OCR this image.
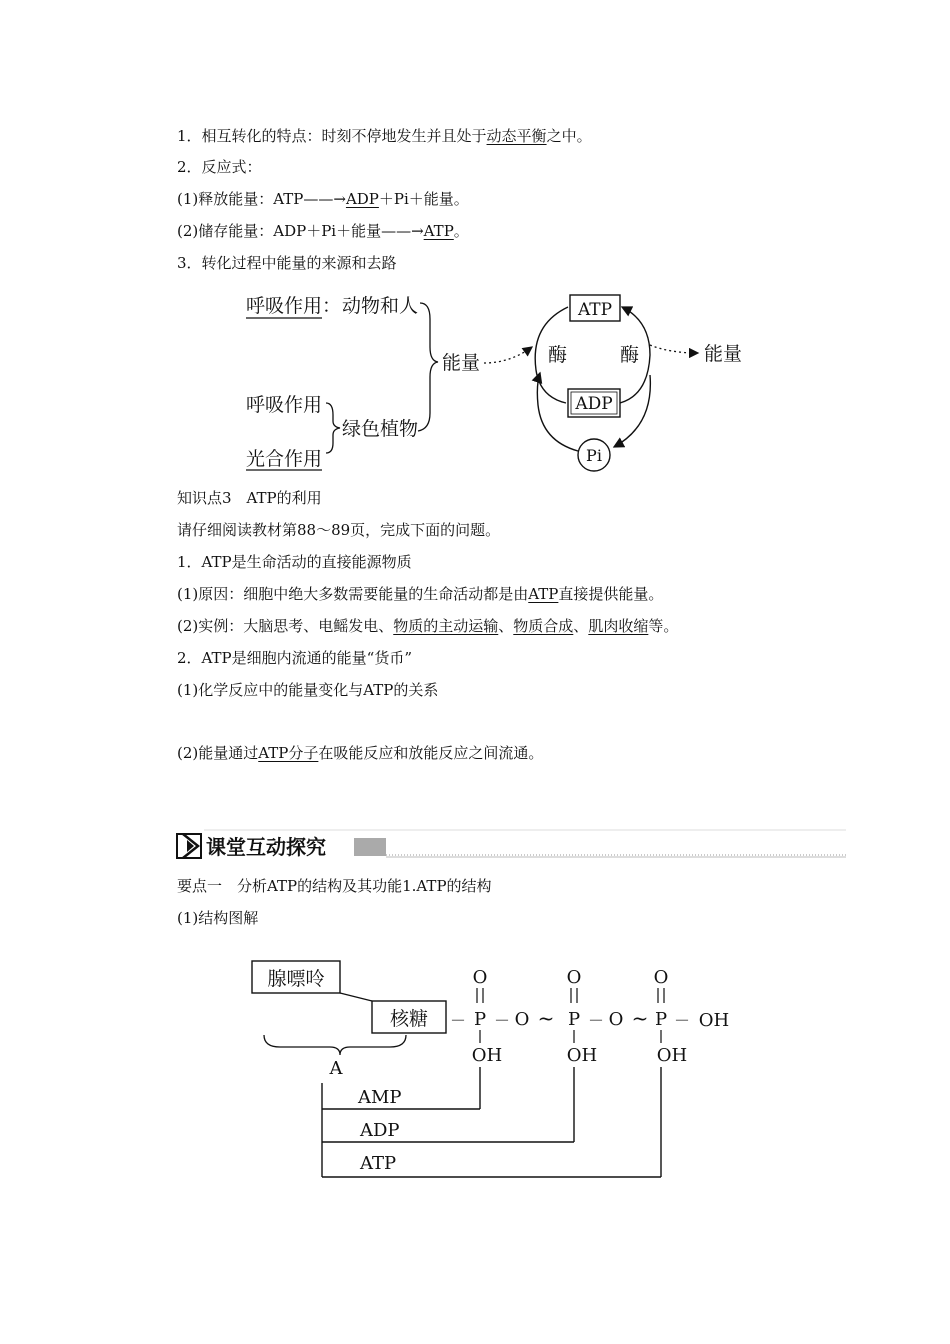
1．相互转化的特点：时刻不停地发生并且处于动态平衡之中。
2．反应式：
(1)释放能量：ATP——→ADP＋Pi＋能量。
(2)储存能量：ADP＋Pi＋能量——→ATP。
3．转化过程中能量的来源和去路
呼吸作用 ： 动物和人
呼吸作用
光合作用
绿色植物
能量
ATP
酶	酶	能量
ADP
Pi
知识点3　ATP的利用
请仔细阅读教材第88～89页，完成下面的问题。
1．ATP是生命活动的直接能源物质
(1)原因：细胞中绝大多数需要能量的生命活动都是由ATP直接提供能量。
(2)实例：大脑思考、电鳐发电、物质的主动运输、物质合成、肌肉收缩等。
2．ATP是细胞内流通的能量“货币”
(1)化学反应中的能量变化与ATP的关系
(2)能量通过ATP分子在吸能反应和放能反应之间流通。
课堂互动探究
要点一　分析ATP的结构及其功能1.ATP的结构
(1)结构图解
腺嘌呤
核糖
A
－
O
P
OH
－ O ~
O
P
OH
－ O ~
O
P
OH
－ OH
AMP
ADP
ATP
